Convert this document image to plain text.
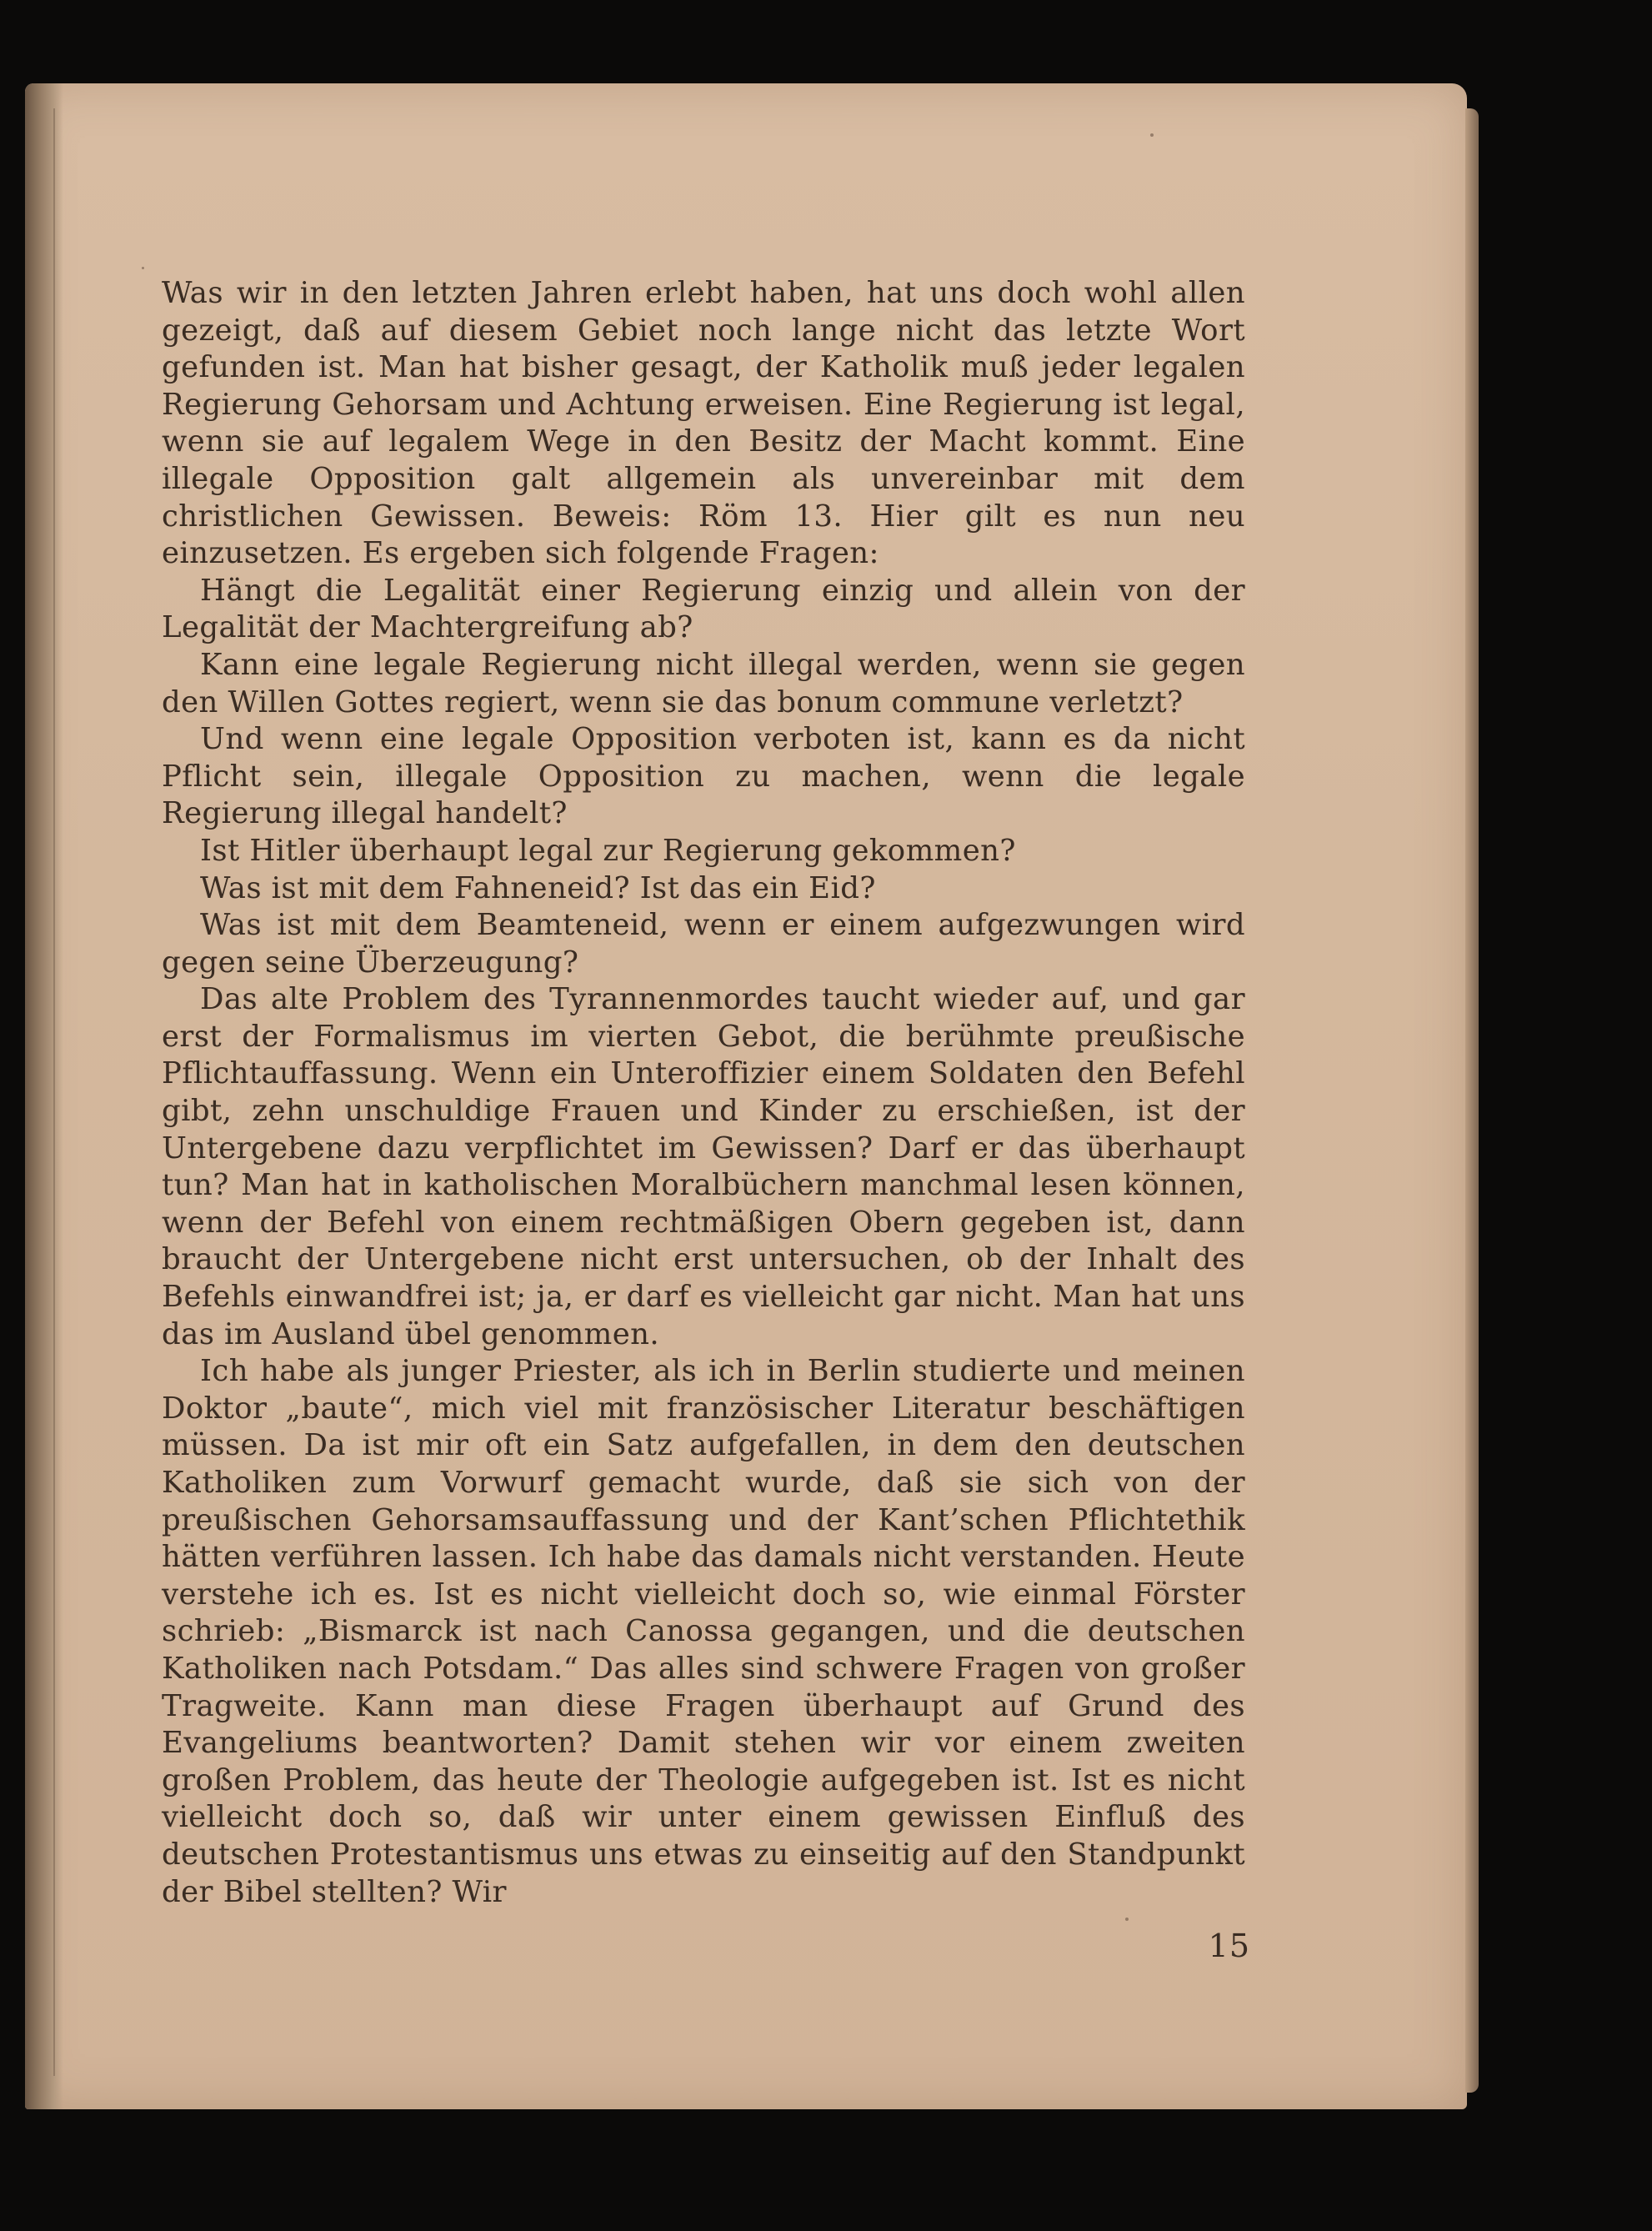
Was wir in den letzten Jahren erlebt haben, hat uns doch wohl allen gezeigt, daß auf diesem Gebiet noch lange nicht das letzte Wort gefunden ist. Man hat bisher gesagt, der Katholik muß jeder legalen Regierung Gehorsam und Achtung erweisen. Eine Regierung ist legal, wenn sie auf legalem Wege in den Besitz der Macht kommt. Eine illegale Opposition galt allgemein als unvereinbar mit dem christlichen Gewissen. Beweis: Röm 13. Hier gilt es nun neu einzusetzen. Es ergeben sich folgende Fragen:

Hängt die Legalität einer Regierung einzig und allein von der Legalität der Machtergreifung ab?

Kann eine legale Regierung nicht illegal werden, wenn sie gegen den Willen Gottes regiert, wenn sie das bonum commune verletzt?

Und wenn eine legale Opposition verboten ist, kann es da nicht Pflicht sein, illegale Opposition zu machen, wenn die legale Regierung illegal handelt?

Ist Hitler überhaupt legal zur Regierung gekommen?

Was ist mit dem Fahneneid? Ist das ein Eid?

Was ist mit dem Beamteneid, wenn er einem aufgezwungen wird gegen seine Überzeugung?

Das alte Problem des Tyrannenmordes taucht wieder auf, und gar erst der Formalismus im vierten Gebot, die berühmte preußische Pflichtauffassung. Wenn ein Unteroffizier einem Soldaten den Befehl gibt, zehn unschuldige Frauen und Kinder zu erschießen, ist der Untergebene dazu verpflichtet im Gewissen? Darf er das überhaupt tun? Man hat in katholischen Moralbüchern manchmal lesen können, wenn der Befehl von einem rechtmäßigen Obern gegeben ist, dann braucht der Untergebene nicht erst untersuchen, ob der Inhalt des Befehls einwandfrei ist; ja, er darf es vielleicht gar nicht. Man hat uns das im Ausland übel genommen.

Ich habe als junger Priester, als ich in Berlin studierte und meinen Doktor „baute“, mich viel mit französischer Literatur beschäftigen müssen. Da ist mir oft ein Satz aufgefallen, in dem den deutschen Katholiken zum Vorwurf gemacht wurde, daß sie sich von der preußischen Gehorsamsauffassung und der Kant’schen Pflichtethik hätten verführen lassen. Ich habe das damals nicht verstanden. Heute verstehe ich es. Ist es nicht vielleicht doch so, wie einmal Förster schrieb: „Bismarck ist nach Canossa gegangen, und die deutschen Katholiken nach Potsdam.“ Das alles sind schwere Fragen von großer Tragweite. Kann man diese Fragen überhaupt auf Grund des Evangeliums beantworten? Damit stehen wir vor einem zweiten großen Problem, das heute der Theologie aufgegeben ist. Ist es nicht vielleicht doch so, daß wir unter einem gewissen Einfluß des deutschen Protestantismus uns etwas zu einseitig auf den Standpunkt der Bibel stellten? Wir

15
